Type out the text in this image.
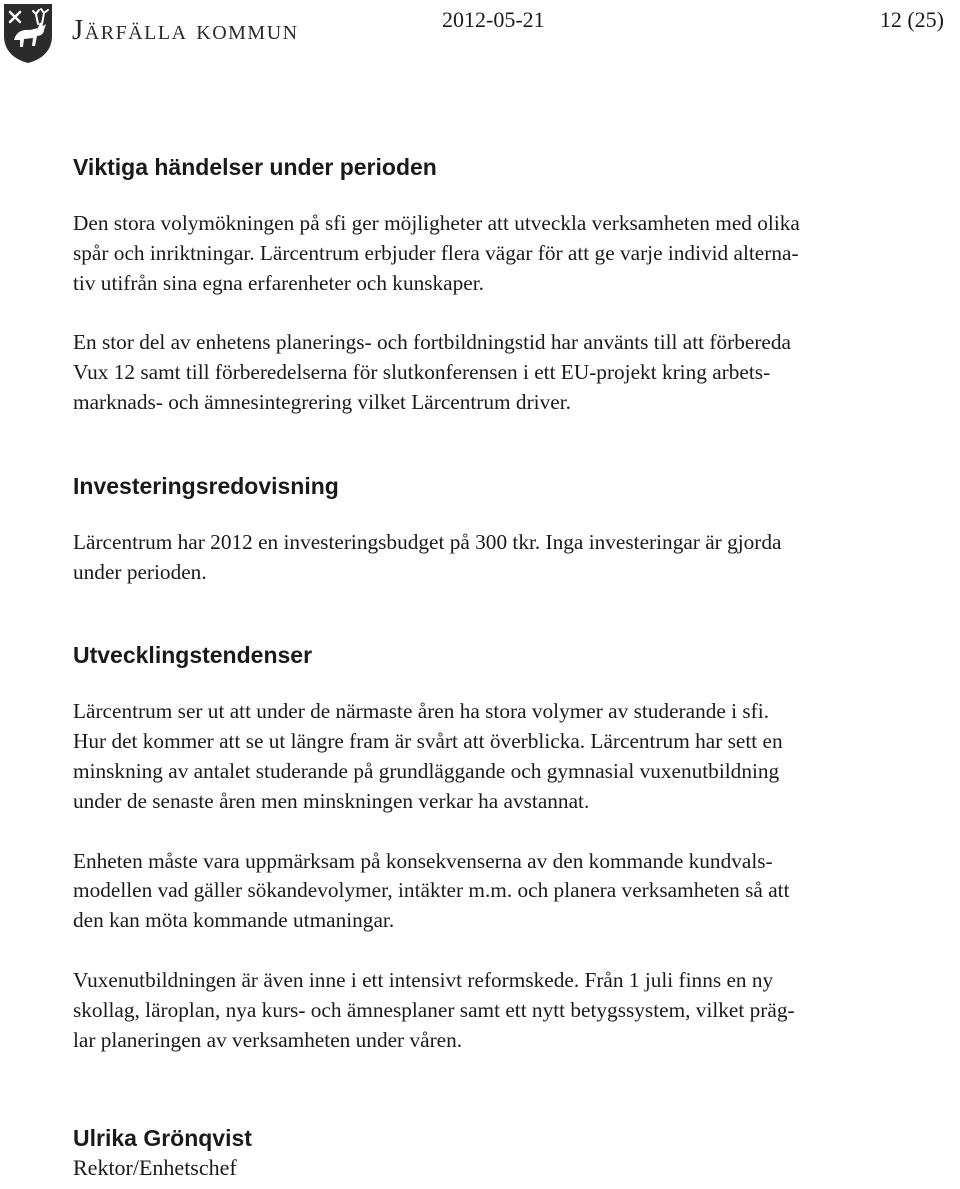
Järfälla kommun	2012-05-21	12 (25)
Viktiga händelser under perioden

Den stora volymökningen på sfi ger möjligheter att utveckla verksamheten med olika
spår och inriktningar. Lärcentrum erbjuder flera vägar för att ge varje individ alterna-
tiv utifrån sina egna erfarenheter och kunskaper.

En stor del av enhetens planerings- och fortbildningstid har använts till att förbereda
Vux 12 samt till förberedelserna för slutkonferensen i ett EU-projekt kring arbets-
marknads- och ämnesintegrering vilket Lärcentrum driver.

Investeringsredovisning

Lärcentrum har 2012 en investeringsbudget på 300 tkr. Inga investeringar är gjorda
under perioden.

Utvecklingstendenser

Lärcentrum ser ut att under de närmaste åren ha stora volymer av studerande i sfi.
Hur det kommer att se ut längre fram är svårt att överblicka. Lärcentrum har sett en
minskning av antalet studerande på grundläggande och gymnasial vuxenutbildning
under de senaste åren men minskningen verkar ha avstannat.

Enheten måste vara uppmärksam på konsekvenserna av den kommande kundvals-
modellen vad gäller sökandevolymer, intäkter m.m. och planera verksamheten så att
den kan möta kommande utmaningar.

Vuxenutbildningen är även inne i ett intensivt reformskede. Från 1 juli finns en ny
skollag, läroplan, nya kurs- och ämnesplaner samt ett nytt betygssystem, vilket präg-
lar planeringen av verksamheten under våren.

Ulrika Grönqvist
Rektor/Enhetschef
